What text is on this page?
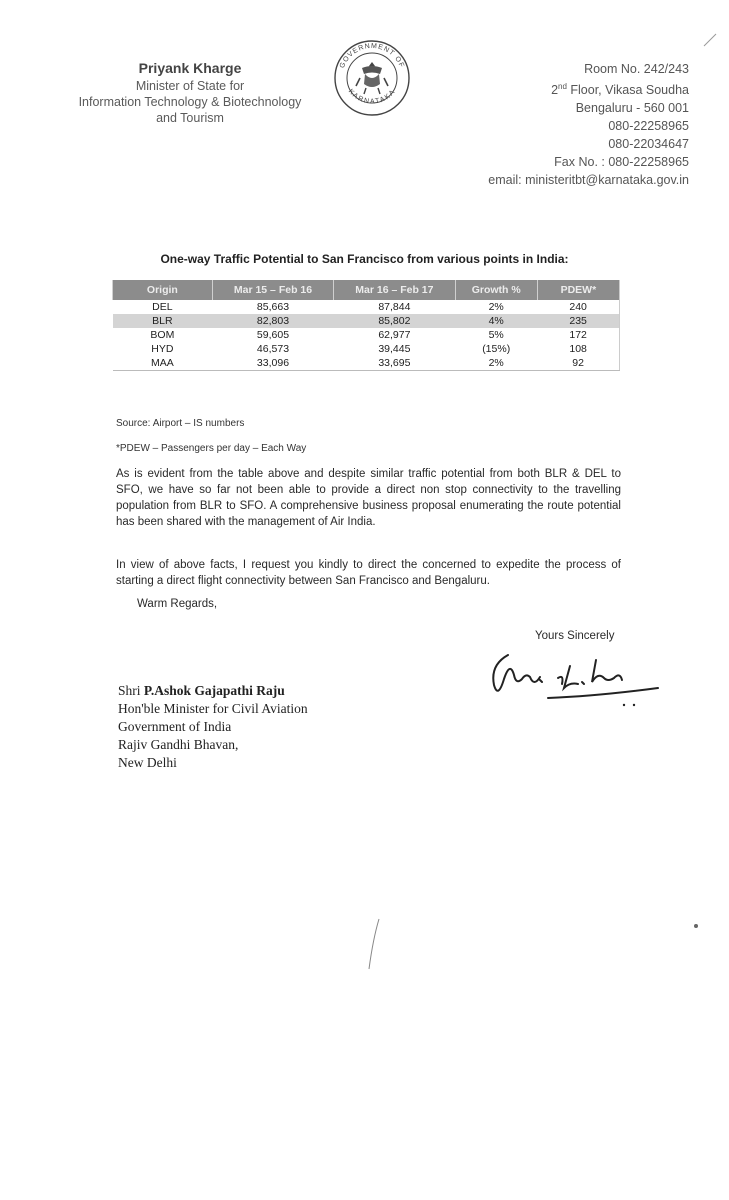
Priyank Kharge
Minister of State for
Information Technology & Biotechnology
and Tourism
GOVERNMENT OF
KARNATAKA
Room No. 242/243
2nd Floor, Vikasa Soudha
Bengaluru - 560 001
080-22258965
080-22034647
Fax No. : 080-22258965
email: ministeritbt@karnataka.gov.in
One-way Traffic Potential to San Francisco from various points in India:
Origin	Mar 15 – Feb 16	Mar 16 – Feb 17	Growth %	PDEW*
DEL	85,663	87,844	2%	240
BLR	82,803	85,802	4%	235
BOM	59,605	62,977	5%	172
HYD	46,573	39,445	(15%)	108
MAA	33,096	33,695	2%	92
Source: Airport – IS numbers
*PDEW – Passengers per day – Each Way
As is evident from the table above and despite similar traffic potential from both BLR & DEL to SFO, we have so far not been able to provide a direct non stop connectivity to the travelling population from BLR to SFO. A comprehensive business proposal enumerating the route potential has been shared with the management of Air India.
In view of above facts, I request you kindly to direct the concerned to expedite the process of starting a direct flight connectivity between San Francisco and Bengaluru.
Warm Regards,
Yours Sincerely
Shri P.Ashok Gajapathi Raju
Hon'ble Minister for Civil Aviation
Government of India
Rajiv Gandhi Bhavan,
New Delhi
